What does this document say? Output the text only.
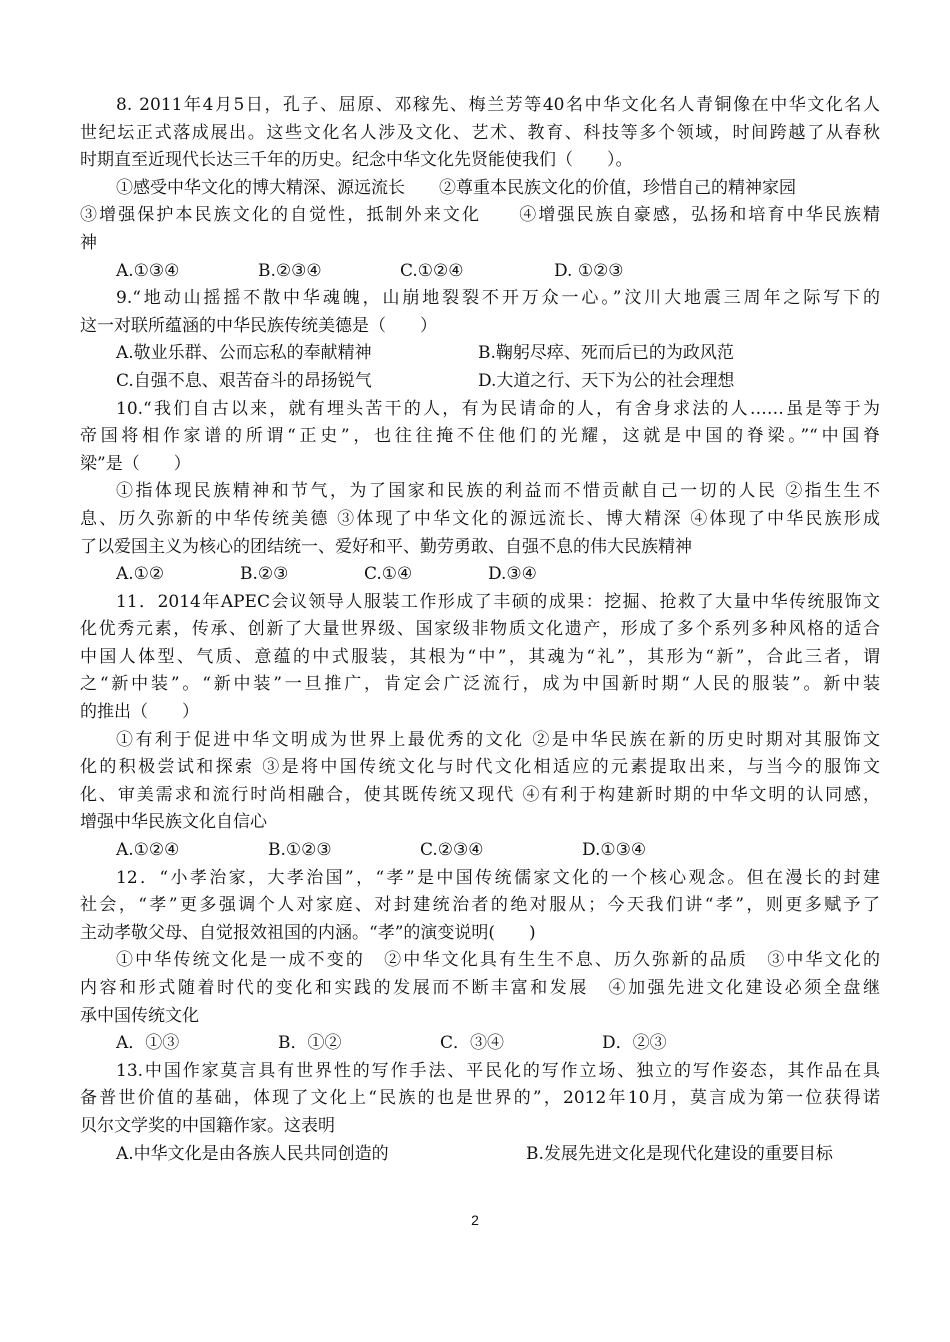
8. 2011年4月5日，孔子、屈原、邓稼先、梅兰芳等40名中华文化名人青铜像在中华文化名人
世纪坛正式落成展出。这些文化名人涉及文化、艺术、教育、科技等多个领域，时间跨越了从春秋
时期直至近现代长达三千年的历史。纪念中华文化先贤能使我们（　　）。
①感受中华文化的博大精深、源远流长　　②尊重本民族文化的价值，珍惜自己的精神家园
③增强保护本民族文化的自觉性，抵制外来文化　　④增强民族自豪感，弘扬和培育中华民族精
神
A.①③④	B.②③④	C.①②④	D. ①②③
9.“地动山摇摇不散中华魂魄，山崩地裂裂不开万众一心。”汶川大地震三周年之际写下的
这一对联所蕴涵的中华民族传统美德是（　　）
A.敬业乐群、公而忘私的奉献精神	B.鞠躬尽瘁、死而后已的为政风范
C.自强不息、艰苦奋斗的昂扬锐气	D.大道之行、天下为公的社会理想
10.“我们自古以来，就有埋头苦干的人，有为民请命的人，有舍身求法的人……虽是等于为
帝国将相作家谱的所谓“正史”，也往往掩不住他们的光耀，这就是中国的脊梁。”“中国脊
梁”是（　　）
①指体现民族精神和节气，为了国家和民族的利益而不惜贡献自己一切的人民 ②指生生不
息、历久弥新的中华传统美德 ③体现了中华文化的源远流长、博大精深 ④体现了中华民族形成
了以爱国主义为核心的团结统一、爱好和平、勤劳勇敢、自强不息的伟大民族精神
A.①②	B.②③	C.①④	D.③④
11．2014年APEC会议领导人服装工作形成了丰硕的成果：挖掘、抢救了大量中华传统服饰文
化优秀元素，传承、创新了大量世界级、国家级非物质文化遗产，形成了多个系列多种风格的适合
中国人体型、气质、意蕴的中式服装，其根为“中”，其魂为“礼”，其形为“新”，合此三者，谓
之“新中装”。“新中装”一旦推广，肯定会广泛流行，成为中国新时期“人民的服装”。新中装
的推出（　　）
①有利于促进中华文明成为世界上最优秀的文化 ②是中华民族在新的历史时期对其服饰文
化的积极尝试和探索 ③是将中国传统文化与时代文化相适应的元素提取出来，与当今的服饰文
化、审美需求和流行时尚相融合，使其既传统又现代 ④有利于构建新时期的中华文明的认同感，
增强中华民族文化自信心
A.①②④	B.①②③	C.②③④	D.①③④
12．“小孝治家，大孝治国”，“孝”是中国传统儒家文化的一个核心观念。但在漫长的封建
社会，“孝”更多强调个人对家庭、对封建统治者的绝对服从；今天我们讲“孝”，则更多赋予了
主动孝敬父母、自觉报效祖国的内涵。“孝”的演变说明(　　)
①中华传统文化是一成不变的　②中华文化具有生生不息、历久弥新的品质　③中华文化的
内容和形式随着时代的变化和实践的发展而不断丰富和发展　④加强先进文化建设必须全盘继
承中国传统文化
A．①③	B．①②	C．③④	D．②③
13.中国作家莫言具有世界性的写作手法、平民化的写作立场、独立的写作姿态，其作品在具
备普世价值的基础，体现了文化上“民族的也是世界的”，2012年10月，莫言成为第一位获得诺
贝尔文学奖的中国籍作家。这表明
A.中华文化是由各族人民共同创造的	B.发展先进文化是现代化建设的重要目标
2
